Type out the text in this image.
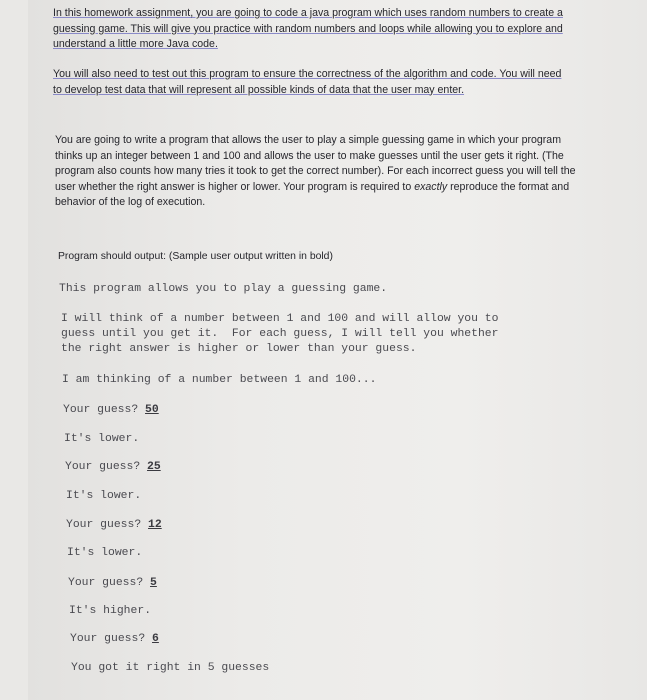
In this homework assignment, you are going to code a java program which uses random numbers to create a guessing game. This will give you practice with random numbers and loops while allowing you to explore and understand a little more Java code.

You will also need to test out this program to ensure the correctness of the algorithm and code. You will need to develop test data that will represent all possible kinds of data that the user may enter.

You are going to write a program that allows the user to play a simple guessing game in which your program thinks up an integer between 1 and 100 and allows the user to make guesses until the user gets it right. (The program also counts how many tries it took to get the correct number). For each incorrect guess you will tell the user whether the right answer is higher or lower. Your program is required to exactly reproduce the format and behavior of the log of execution.

Program should output: (Sample user output written in bold)
This program allows you to play a guessing game.
I will think of a number between 1 and 100 and will allow you to
guess until you get it.  For each guess, I will tell you whether
the right answer is higher or lower than your guess.
I am thinking of a number between 1 and 100...
Your guess? 50
It's lower.
Your guess? 25
It's lower.
Your guess? 12
It's lower.
Your guess? 5
It's higher.
Your guess? 6
You got it right in 5 guesses
